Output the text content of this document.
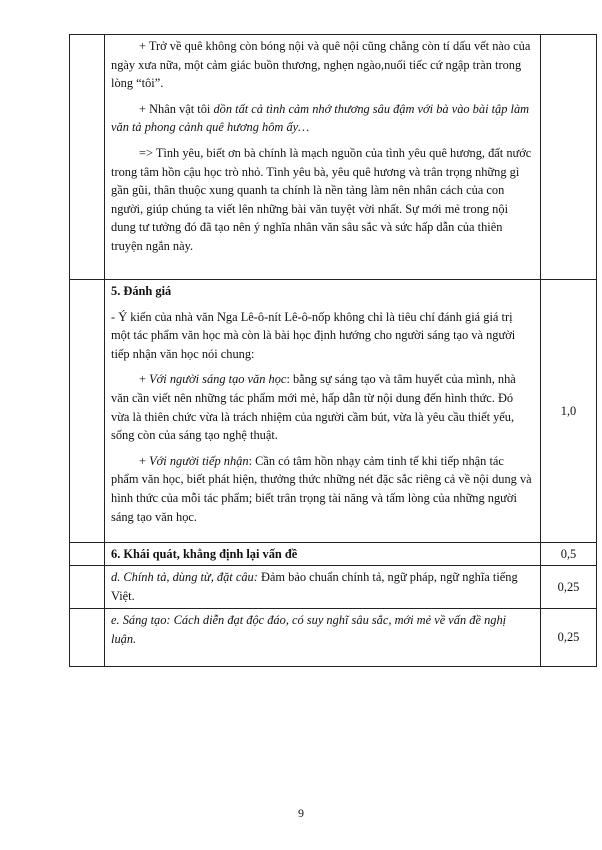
	+ Trở về quê không còn bóng nội và quê nội cũng chẳng còn tí dấu vết nào của ngày xưa nữa, một cảm giác buồn thương, nghẹn ngào,nuối tiếc cứ ngập tràn trong lòng “tôi”.

+ Nhân vật tôi dồn tất cả tình cảm nhớ thương sâu đậm với bà vào bài tập làm văn tả phong cảnh quê hương hôm ấy…

=> Tình yêu, biết ơn bà chính là mạch nguồn của tình yêu quê hương, đất nước trong tâm hồn cậu học trò nhỏ. Tình yêu bà, yêu quê hương và trân trọng những gì gần gũi, thân thuộc xung quanh ta chính là nền tảng làm nên nhân cách của con người, giúp chúng ta viết lên những bài văn tuyệt vời nhất. Sự mới mẻ trong nội dung tư tưởng đó đã tạo nên ý nghĩa nhân văn sâu sắc và sức hấp dẫn của thiên truyện ngắn này.	

	5. Đánh giá

- Ý kiến của nhà văn Nga Lê-ô-nít Lê-ô-nốp không chỉ là tiêu chí đánh giá giá trị một tác phẩm văn học mà còn là bài học định hướng cho người sáng tạo và người tiếp nhận văn học nói chung:

+ Với người sáng tạo văn học: bằng sự sáng tạo và tâm huyết của mình, nhà văn cần viết nên những tác phẩm mới mẻ, hấp dẫn từ nội dung đến hình thức. Đó vừa là thiên chức vừa là trách nhiệm của người cầm bút, vừa là yêu cầu thiết yếu, sống còn của sáng tạo nghệ thuật.

+ Với người tiếp nhận: Cần có tâm hồn nhạy cảm tinh tế khi tiếp nhận tác phẩm văn học, biết phát hiện, thưởng thức những nét đặc sắc riêng cả về nội dung và hình thức của mỗi tác phẩm; biết trân trọng tài năng và tấm lòng của những người sáng tạo văn học.	1,0

	6. Khái quát, khẳng định lại vấn đề	0,5

	d. Chính tả, dùng từ, đặt câu: Đảm bảo chuẩn chính tả, ngữ pháp, ngữ nghĩa tiếng Việt.	0,25

	e. Sáng tạo: Cách diễn đạt độc đáo, có suy nghĩ sâu sắc, mới mẻ về vấn đề nghị luận.	0,25
9
